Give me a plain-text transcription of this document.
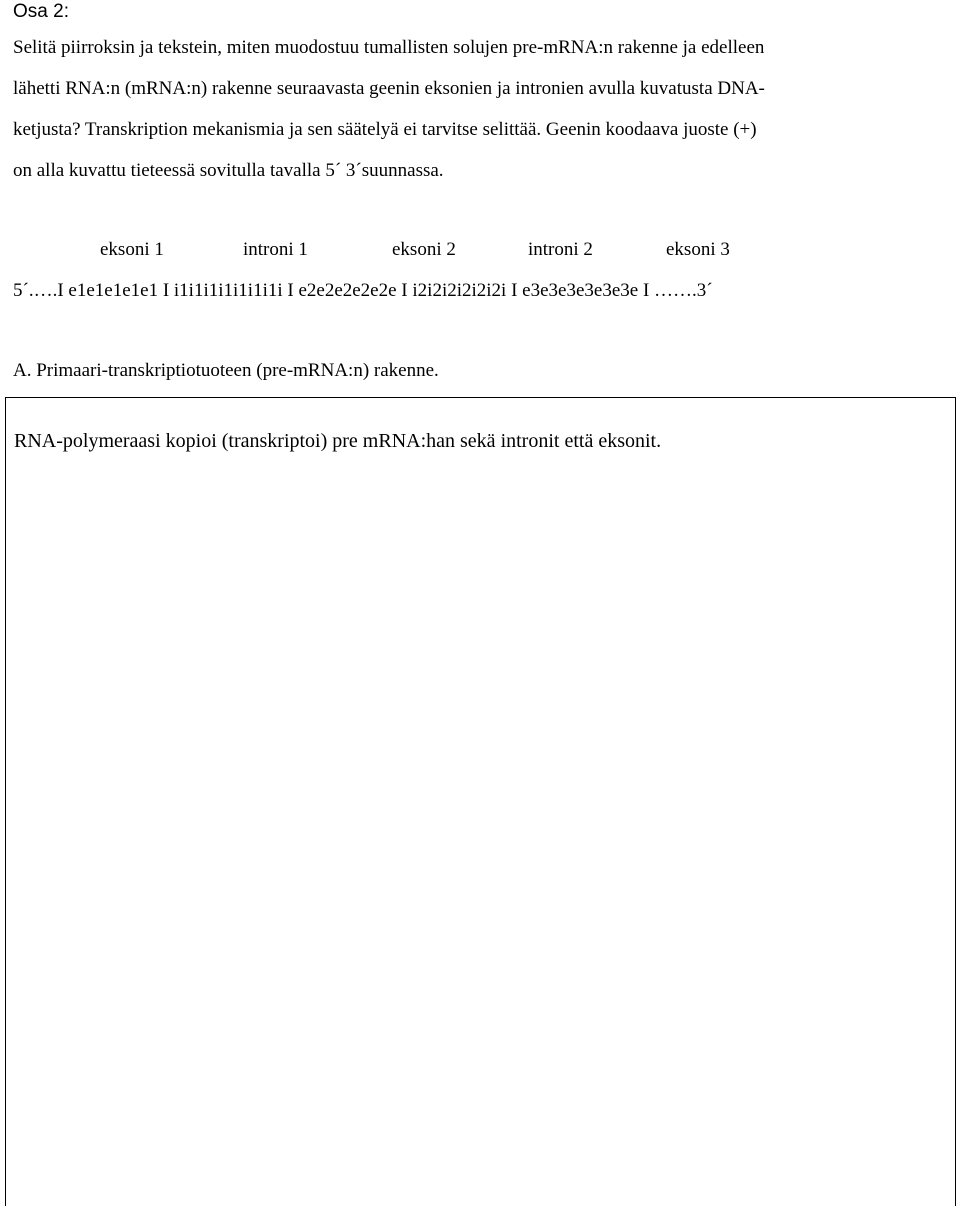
Osa 2:
Selitä piirroksin ja tekstein, miten muodostuu tumallisten solujen pre-mRNA:n rakenne ja edelleen
lähetti RNA:n (mRNA:n) rakenne seuraavasta geenin eksonien ja intronien avulla kuvatusta DNA-
ketjusta? Transkription mekanismia ja sen säätelyä ei tarvitse selittää. Geenin koodaava juoste (+)
on alla kuvattu tieteessä sovitulla tavalla 5´ 3´suunnassa.
eksoni 1	introni 1	eksoni 2	introni 2	eksoni 3
5´.….I e1e1e1e1e1 I i1i1i1i1i1i1i1i I e2e2e2e2e2e I i2i2i2i2i2i2i I e3e3e3e3e3e3e I …….3´
A. Primaari-transkriptiotuoteen (pre-mRNA:n) rakenne.
RNA-polymeraasi kopioi (transkriptoi) pre mRNA:han sekä intronit että eksonit.
